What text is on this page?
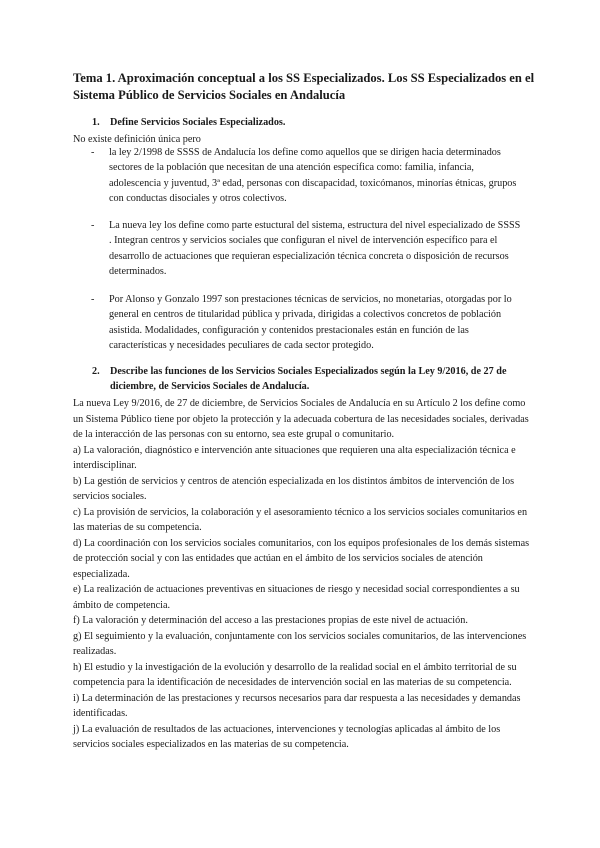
Tema 1. Aproximación conceptual a los SS Especializados. Los SS Especializados en el Sistema Público de Servicios Sociales en Andalucía
1. Define Servicios Sociales Especializados.
No existe definición única pero
- la ley 2/1998 de SSSS de Andalucía los define como aquellos que se dirigen hacia determinados sectores de la población que necesitan de una atención específica como: familia, infancia, adolescencia y juventud, 3ª edad, personas con discapacidad, toxicómanos, minorías étnicas, grupos con conductas disociales y otros colectivos.
- La nueva ley los define como parte estuctural del sistema, estructura del nivel especializado de SSSS . Integran centros y servicios sociales que configuran el nivel de intervención específico para el desarrollo de actuaciones que requieran especialización técnica concreta o disposición de recursos determinados.
- Por Alonso y Gonzalo 1997 son prestaciones técnicas de servicios, no monetarias, otorgadas por lo general en centros de titularidad pública y privada, dirigidas a colectivos concretos de población asistida. Modalidades, configuración y contenidos prestacionales están en función de las características y necesidades peculiares de cada sector protegido.
2. Describe las funciones de los Servicios Sociales Especializados según la Ley 9/2016, de 27 de diciembre, de Servicios Sociales de Andalucía.

La nueva Ley 9/2016, de 27 de diciembre, de Servicios Sociales de Andalucía en su Artículo 2 los define como un Sistema Público tiene por objeto la protección y la adecuada cobertura de las necesidades sociales, derivadas de la interacción de las personas con su entorno, sea este grupal o comunitario.

a) La valoración, diagnóstico e intervención ante situaciones que requieren una alta especialización técnica e interdisciplinar.

b) La gestión de servicios y centros de atención especializada en los distintos ámbitos de intervención de los servicios sociales.

c) La provisión de servicios, la colaboración y el asesoramiento técnico a los servicios sociales comunitarios en las materias de su competencia.

d) La coordinación con los servicios sociales comunitarios, con los equipos profesionales de los demás sistemas de protección social y con las entidades que actúan en el ámbito de los servicios sociales de atención especializada.

e) La realización de actuaciones preventivas en situaciones de riesgo y necesidad social correspondientes a su ámbito de competencia.

f) La valoración y determinación del acceso a las prestaciones propias de este nivel de actuación.

g) El seguimiento y la evaluación, conjuntamente con los servicios sociales comunitarios, de las intervenciones realizadas.

h) El estudio y la investigación de la evolución y desarrollo de la realidad social en el ámbito territorial de su competencia para la identificación de necesidades de intervención social en las materias de su competencia.

i) La determinación de las prestaciones y recursos necesarios para dar respuesta a las necesidades y demandas identificadas.

j) La evaluación de resultados de las actuaciones, intervenciones y tecnologías aplicadas al ámbito de los servicios sociales especializados en las materias de su competencia.
